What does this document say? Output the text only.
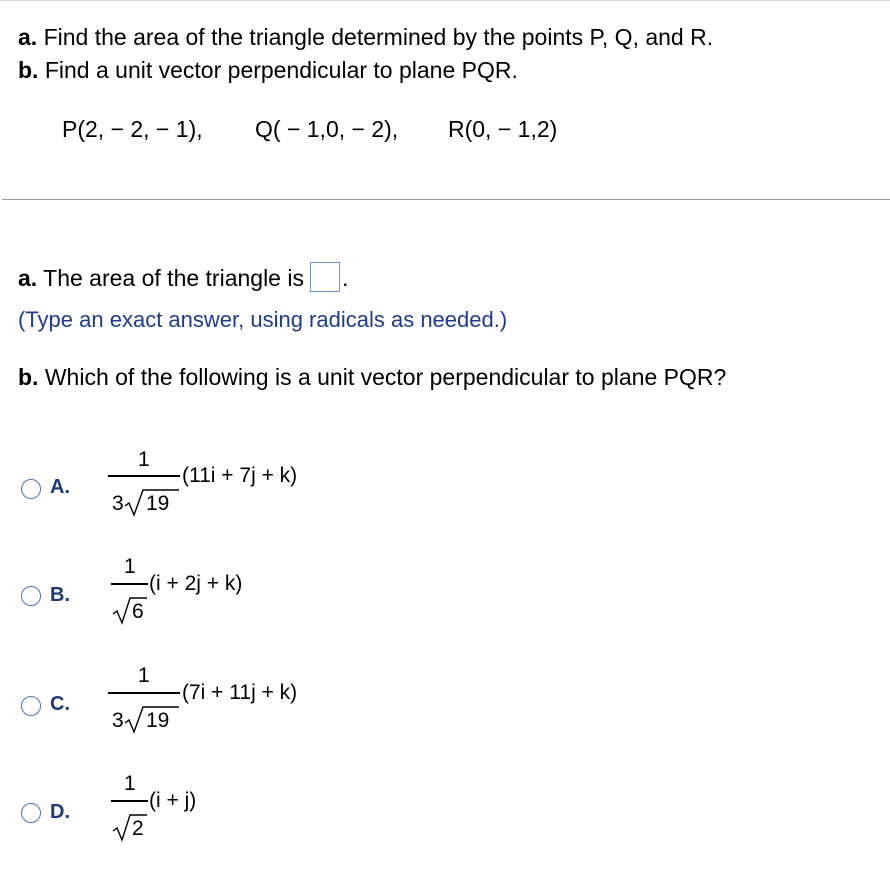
a. Find the area of the triangle determined by the points P, Q, and R.
b. Find a unit vector perpendicular to plane PQR.
P(2, − 2, − 1), Q( − 1,0, − 2), R(0, − 1,2)
a. The area of the triangle is .
(Type an exact answer, using radicals as needed.)
b. Which of the following is a unit vector perpendicular to plane PQR?
A.
1
3 19
(11i + 7j + k)
B.
1
6
(i + 2j + k)
C.
1
3 19
(7i + 11j + k)
D.
1
2
(i + j)
